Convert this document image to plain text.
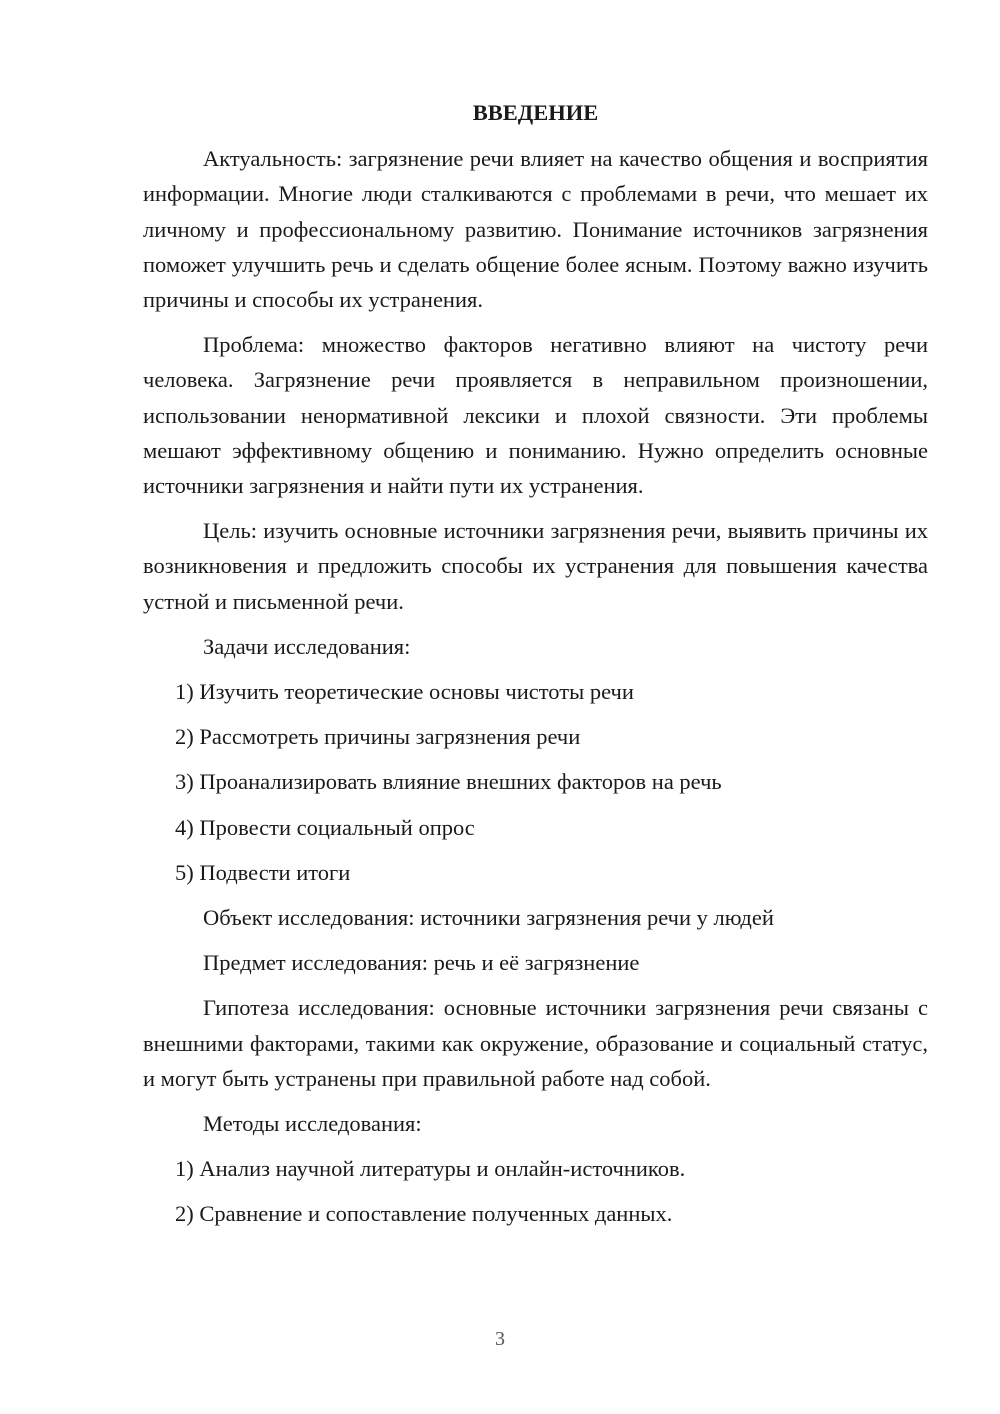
ВВЕДЕНИЕ

Актуальность: загрязнение речи влияет на качество общения и восприятия информации. Многие люди сталкиваются с проблемами в речи, что мешает их личному и профессиональному развитию. Понимание источников загрязнения поможет улучшить речь и сделать общение более ясным. Поэтому важно изучить причины и способы их устранения.

Проблема: множество факторов негативно влияют на чистоту речи человека. Загрязнение речи проявляется в неправильном произношении, использовании ненормативной лексики и плохой связности. Эти проблемы мешают эффективному общению и пониманию. Нужно определить основные источники загрязнения и найти пути их устранения.

Цель: изучить основные источники загрязнения речи, выявить причины их возникновения и предложить способы их устранения для повышения качества устной и письменной речи.

Задачи исследования:
1) Изучить теоретические основы чистоты речи
2) Рассмотреть причины загрязнения речи
3) Проанализировать влияние внешних факторов на речь
4) Провести социальный опрос
5) Подвести итоги
Объект исследования: источники загрязнения речи у людей
Предмет исследования: речь и её загрязнение

Гипотеза исследования: основные источники загрязнения речи связаны с внешними факторами, такими как окружение, образование и социальный статус, и могут быть устранены при правильной работе над собой.

Методы исследования:
1) Анализ научной литературы и онлайн-источников.
2) Сравнение и сопоставление полученных данных.
3
